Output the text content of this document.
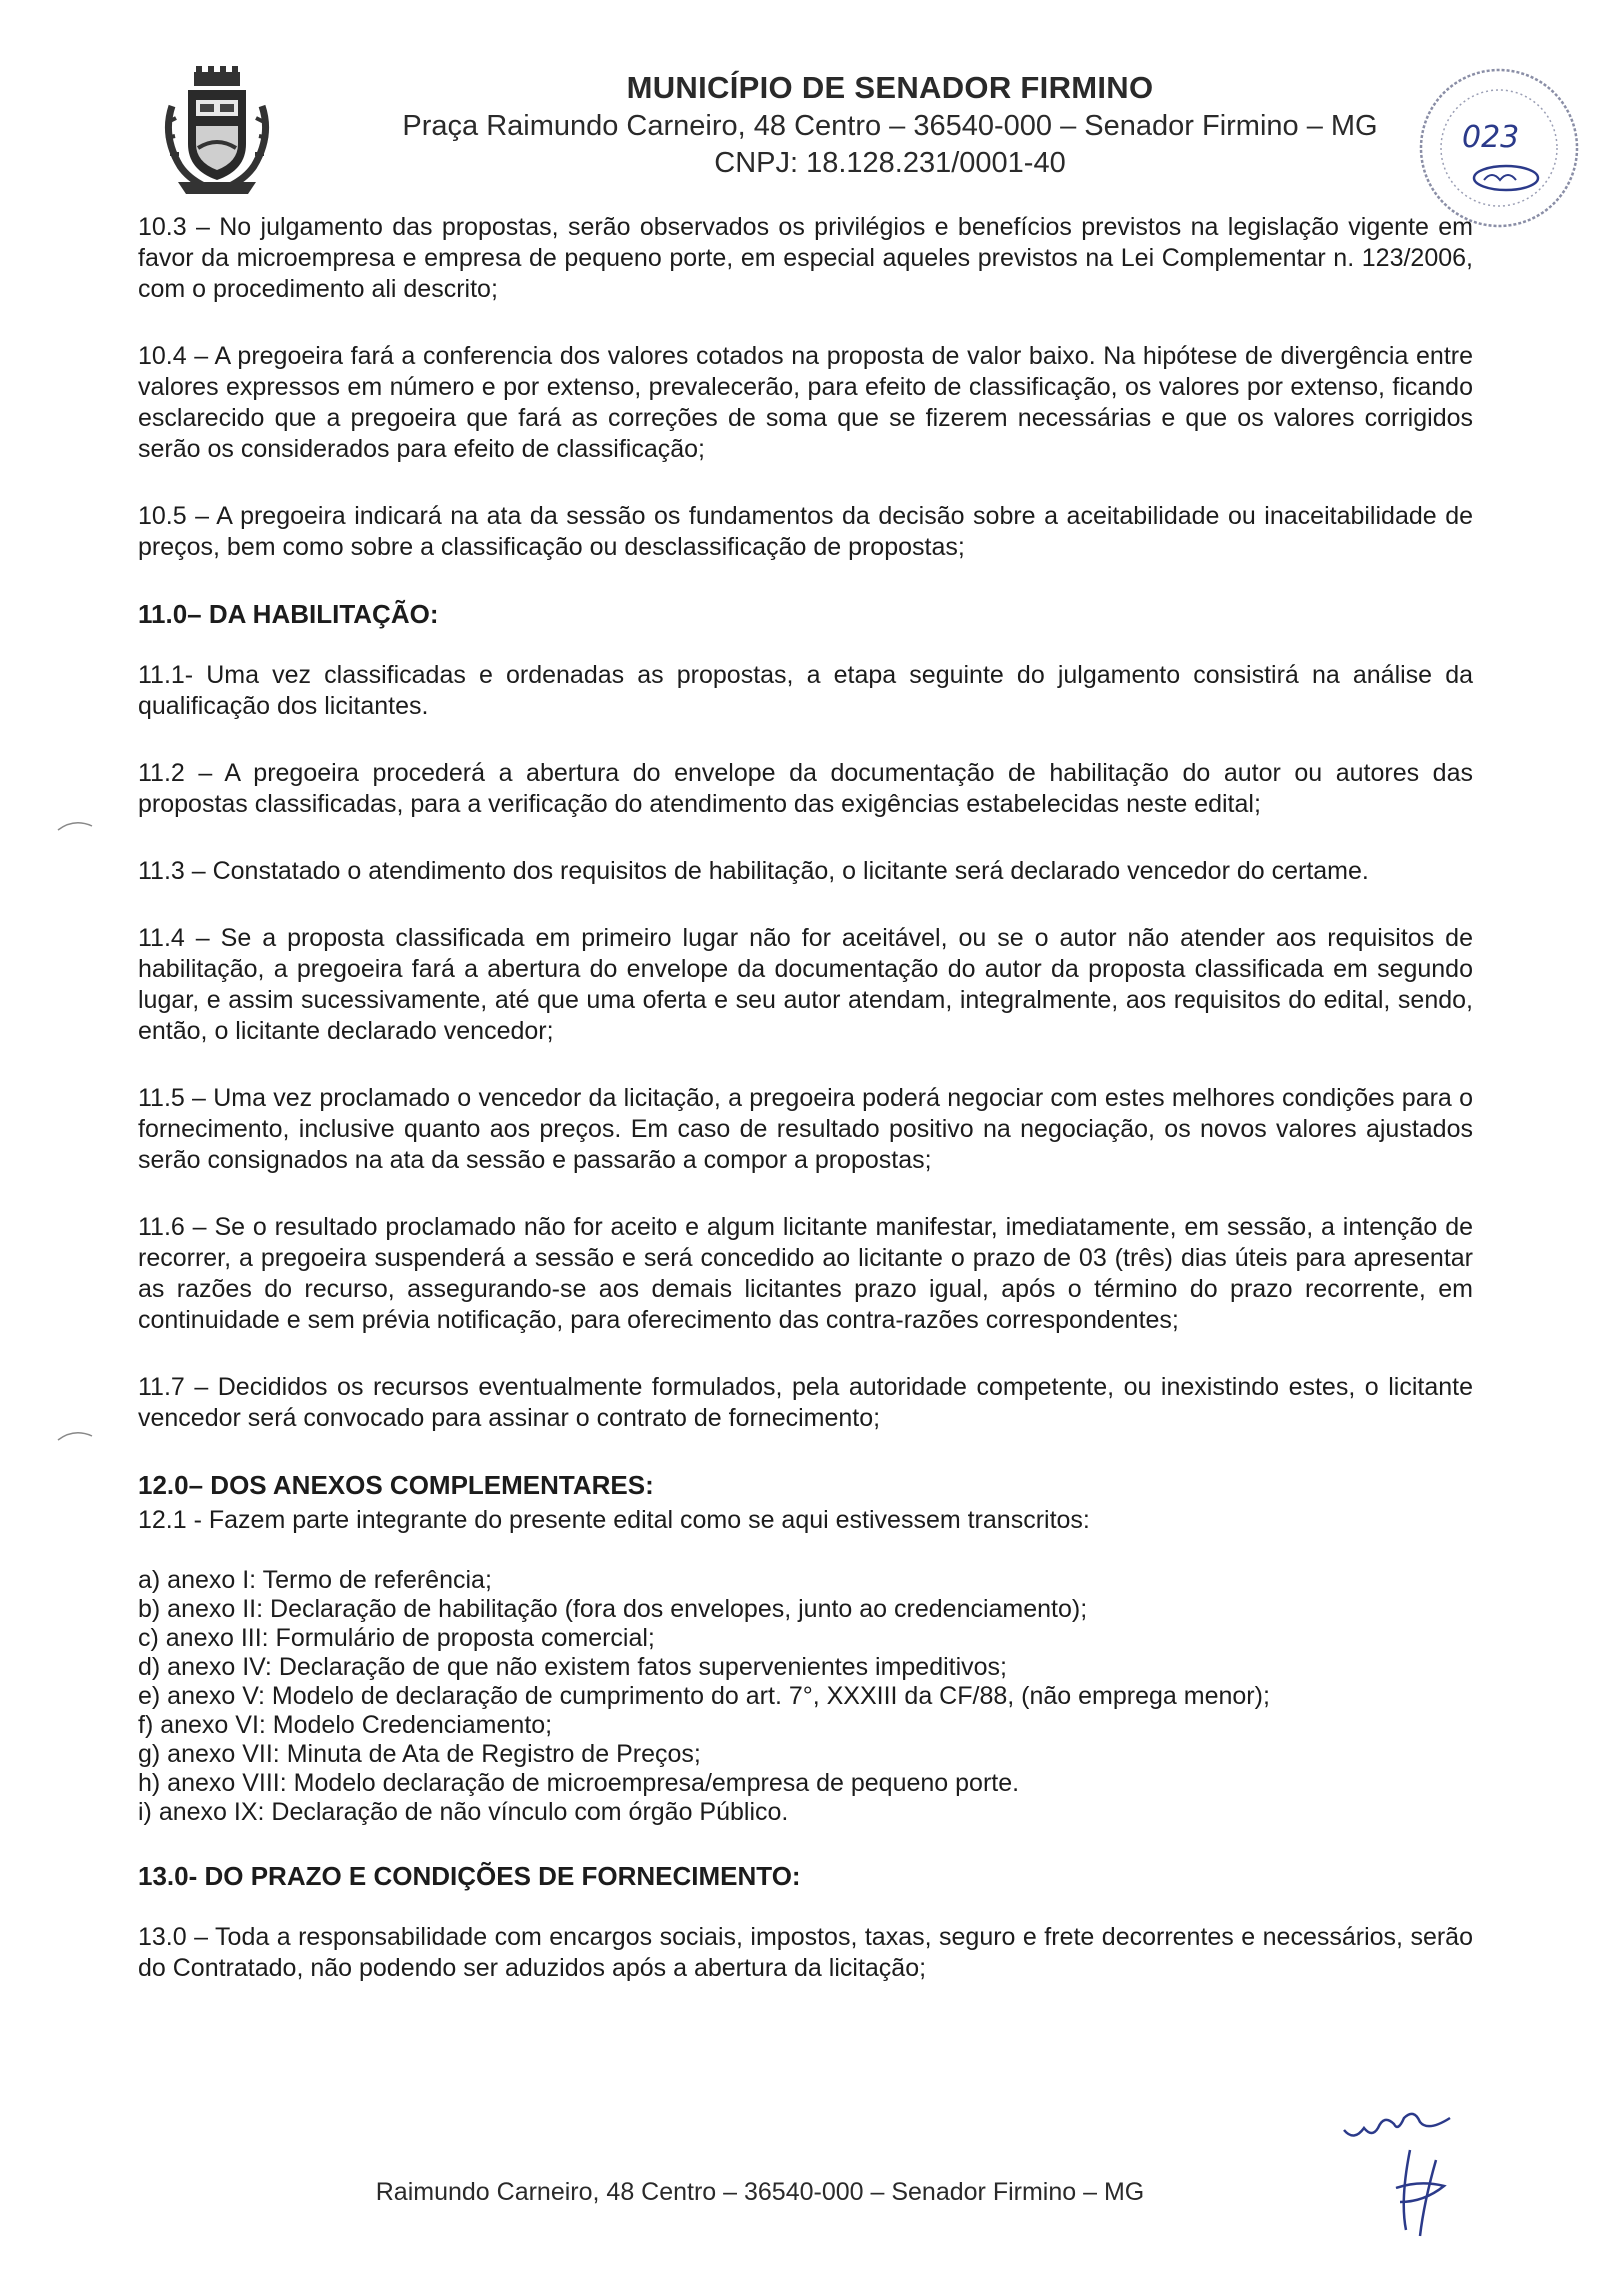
MUNICÍPIO DE SENADOR FIRMINO
Praça Raimundo Carneiro, 48 Centro – 36540-000 – Senador Firmino – MG
CNPJ: 18.128.231/0001-40
023

10.3 – No julgamento das propostas, serão observados os privilégios e benefícios previstos na legislação vigente em favor da microempresa e empresa de pequeno porte, em especial aqueles previstos na Lei Complementar n. 123/2006, com o procedimento ali descrito;

10.4 – A pregoeira fará a conferencia dos valores cotados na proposta de valor baixo. Na hipótese de divergência entre valores expressos em número e por extenso, prevalecerão, para efeito de classificação, os valores por extenso, ficando esclarecido que a pregoeira que fará as correções de soma que se fizerem necessárias e que os valores corrigidos serão os considerados para efeito de classificação;

10.5 – A pregoeira indicará na ata da sessão os fundamentos da decisão sobre a aceitabilidade ou inaceitabilidade de preços, bem como sobre a classificação ou desclassificação de propostas;

11.0– DA HABILITAÇÃO:

11.1- Uma vez classificadas e ordenadas as propostas, a etapa seguinte do julgamento consistirá na análise da qualificação dos licitantes.

11.2 – A pregoeira procederá a abertura do envelope da documentação de habilitação do autor ou autores das propostas classificadas, para a verificação do atendimento das exigências estabelecidas neste edital;

11.3 – Constatado o atendimento dos requisitos de habilitação, o licitante será declarado vencedor do certame.

11.4 – Se a proposta classificada em primeiro lugar não for aceitável, ou se o autor não atender aos requisitos de habilitação, a pregoeira fará a abertura do envelope da documentação do autor da proposta classificada em segundo lugar, e assim sucessivamente, até que uma oferta e seu autor atendam, integralmente, aos requisitos do edital, sendo, então, o licitante declarado vencedor;

11.5 – Uma vez proclamado o vencedor da licitação, a pregoeira poderá negociar com estes melhores condições para o fornecimento, inclusive quanto aos preços. Em caso de resultado positivo na negociação, os novos valores ajustados serão consignados na ata da sessão e passarão a compor a propostas;

11.6 – Se o resultado proclamado não for aceito e algum licitante manifestar, imediatamente, em sessão, a intenção de recorrer, a pregoeira suspenderá a sessão e será concedido ao licitante o prazo de 03 (três) dias úteis para apresentar as razões do recurso, assegurando-se aos demais licitantes prazo igual, após o término do prazo recorrente, em continuidade e sem prévia notificação, para oferecimento das contra-razões correspondentes;

11.7 – Decididos os recursos eventualmente formulados, pela autoridade competente, ou inexistindo estes, o licitante vencedor será convocado para assinar o contrato de fornecimento;

12.0– DOS ANEXOS COMPLEMENTARES:

12.1 - Fazem parte integrante do presente edital como se aqui estivessem transcritos:

a) anexo I: Termo de referência;
b) anexo II: Declaração de habilitação (fora dos envelopes, junto ao credenciamento);
c) anexo III: Formulário de proposta comercial;
d) anexo IV: Declaração de que não existem fatos supervenientes impeditivos;
e) anexo V: Modelo de declaração de cumprimento do art. 7°, XXXIII da CF/88, (não emprega menor);
f) anexo VI: Modelo Credenciamento;
g) anexo VII: Minuta de Ata de Registro de Preços;
h) anexo VIII: Modelo declaração de microempresa/empresa de pequeno porte.
i) anexo IX: Declaração de não vínculo com órgão Público.
13.0- DO PRAZO E CONDIÇÕES DE FORNECIMENTO:

13.0 – Toda a responsabilidade com encargos sociais, impostos, taxas, seguro e frete decorrentes e necessários, serão do Contratado, não podendo ser aduzidos após a abertura da licitação;

Raimundo Carneiro, 48 Centro – 36540-000 – Senador Firmino – MG
